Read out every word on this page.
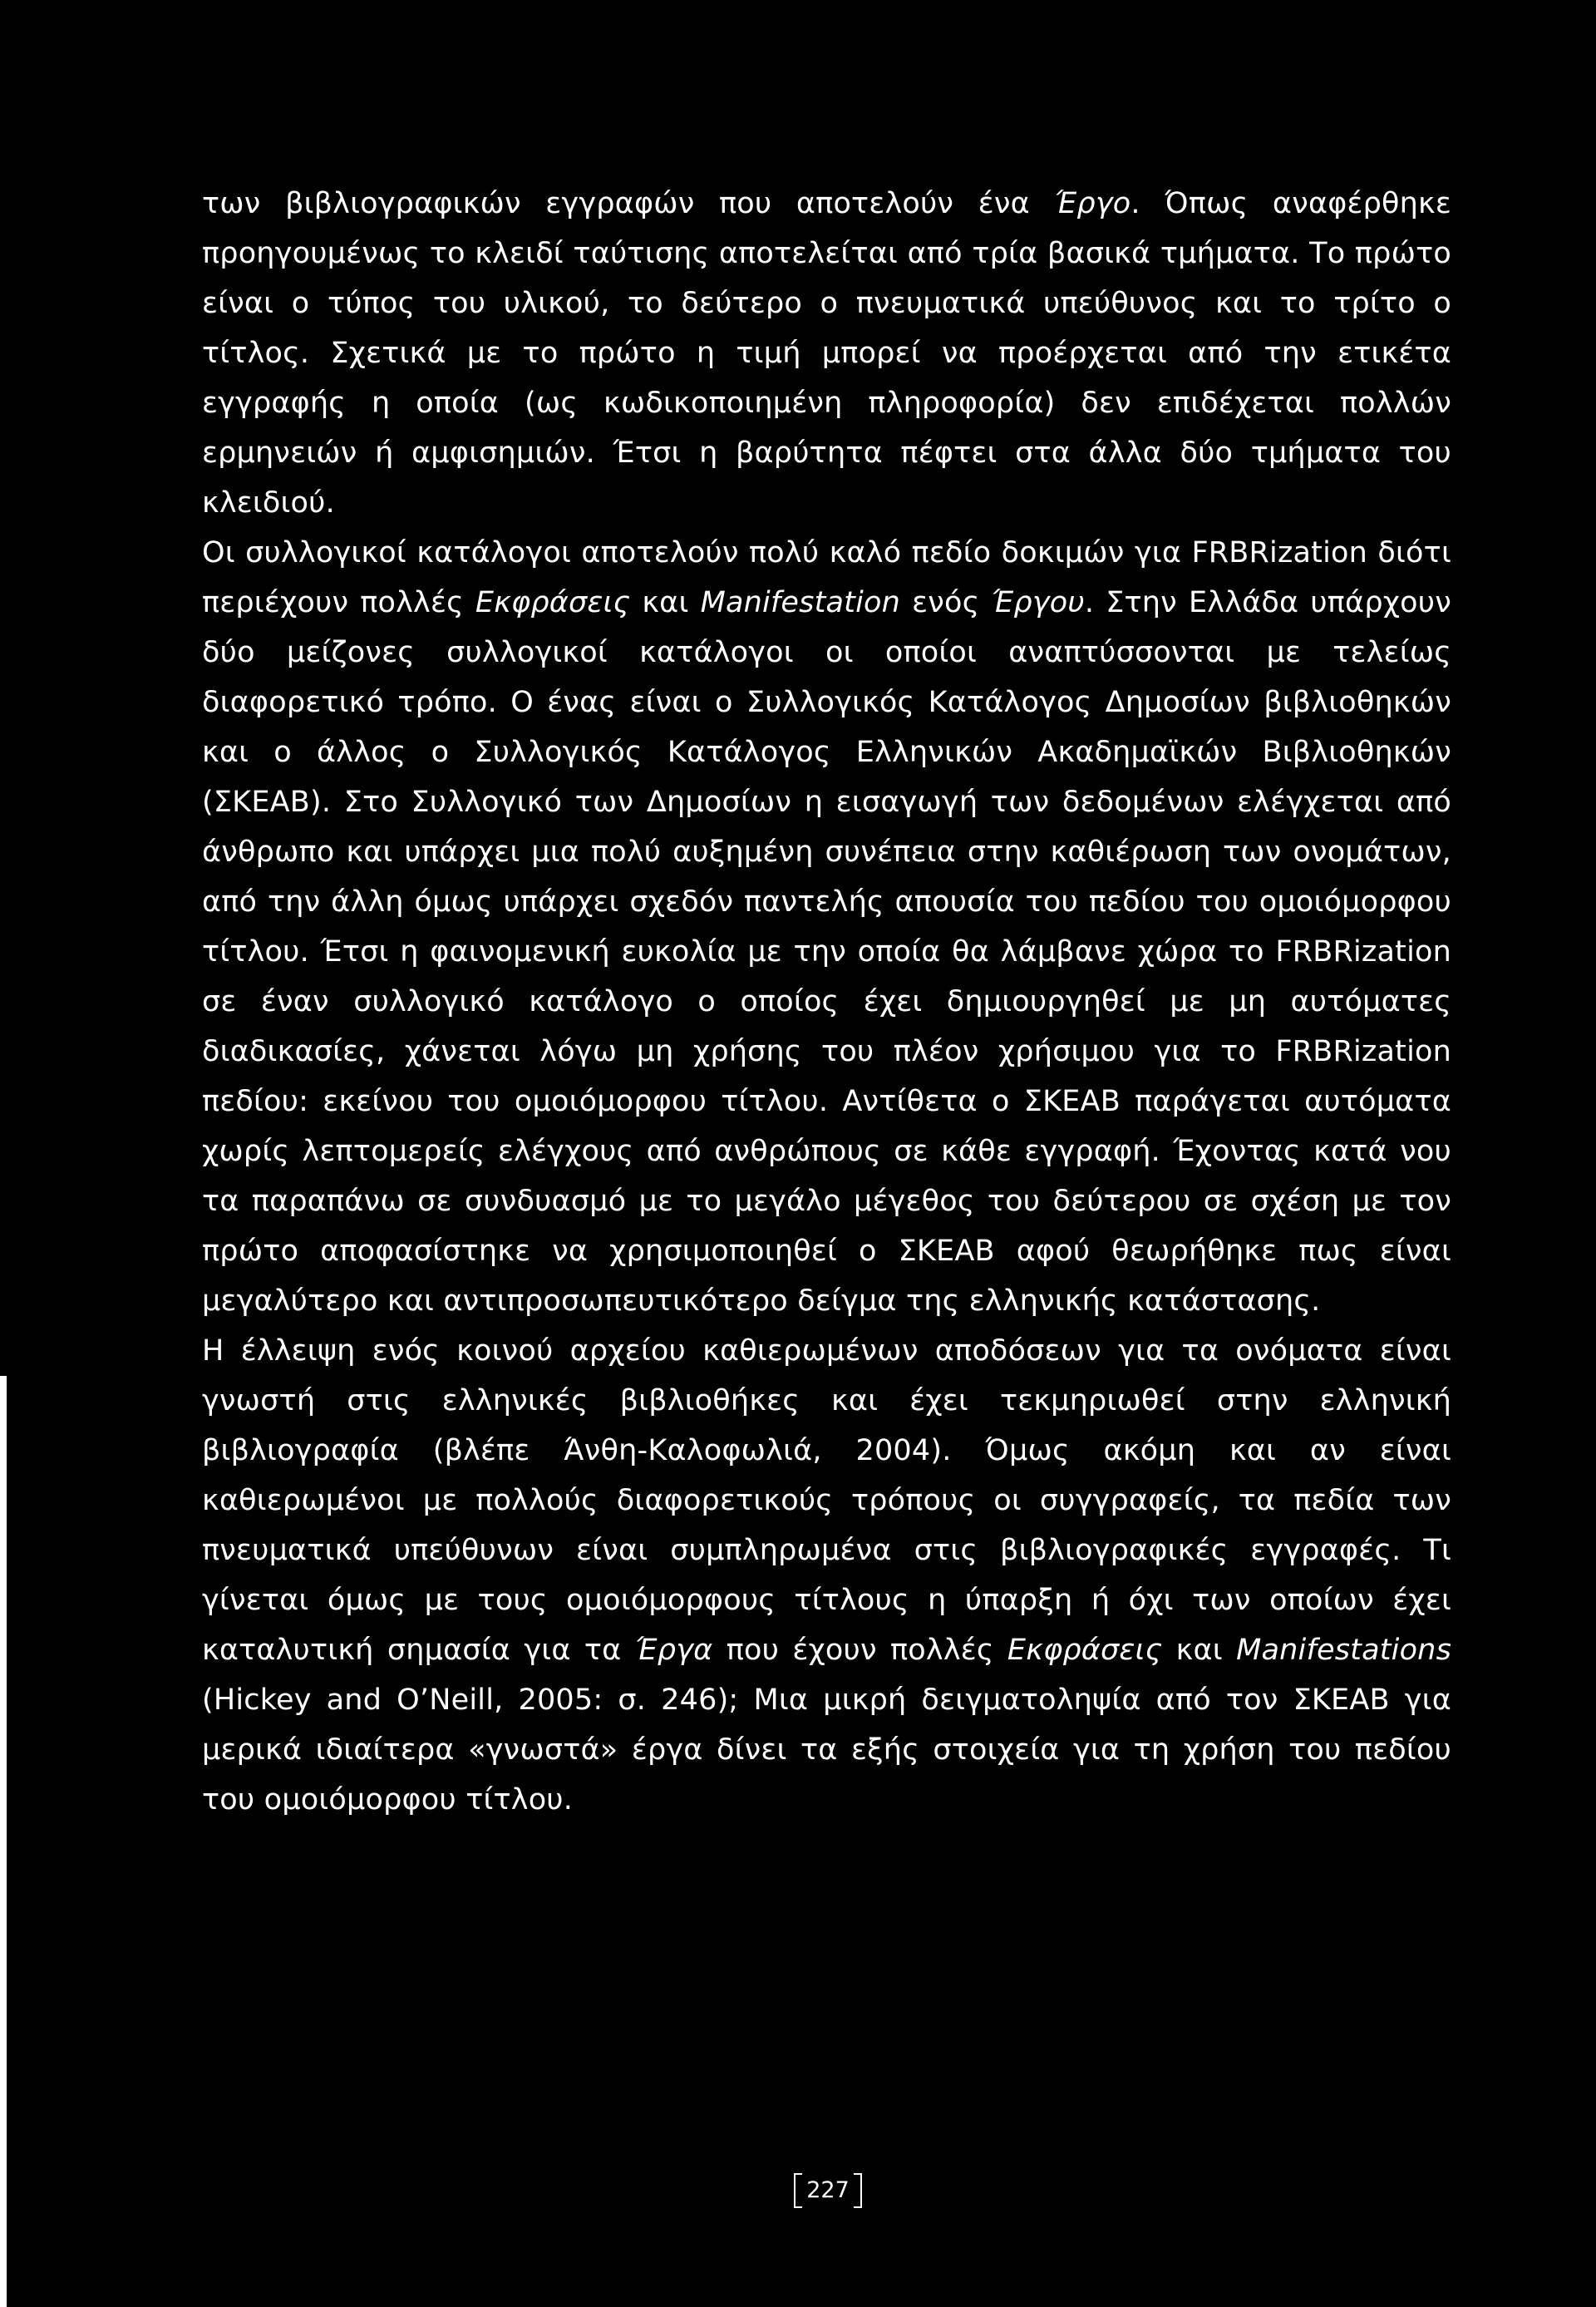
των βιβλιογραφικών εγγραφών που αποτελούν ένα Έργο. Όπως αναφέρθηκε προηγουμένως το κλειδί ταύτισης αποτελείται από τρία βασικά τμήματα. Το πρώτο είναι ο τύπος του υλικού, το δεύτερο ο πνευματικά υπεύθυνος και το τρίτο ο τίτλος. Σχετικά με το πρώτο η τιμή μπορεί να προέρχεται από την ετικέτα εγγραφής η οποία (ως κωδικοποιημένη πληροφορία) δεν επιδέχεται πολλών ερμηνειών ή αμφισημιών. Έτσι η βαρύτητα πέφτει στα άλλα δύο τμήματα του κλειδιού.

Οι συλλογικοί κατάλογοι αποτελούν πολύ καλό πεδίο δοκιμών για FRBRization διότι περιέχουν πολλές Εκφράσεις και Manifestation ενός Έργου. Στην Ελλάδα υπάρχουν δύο μείζονες συλλογικοί κατάλογοι οι οποίοι αναπτύσσονται με τελείως διαφορετικό τρόπο. Ο ένας είναι ο Συλλογικός Κατάλογος Δημοσίων βιβλιοθηκών και ο άλλος ο Συλλογικός Κατάλογος Ελληνικών Ακαδημαϊκών Βιβλιοθηκών (ΣΚΕΑΒ). Στο Συλλογικό των Δημοσίων η εισαγωγή των δεδομένων ελέγχεται από άνθρωπο και υπάρχει μια πολύ αυξημένη συνέπεια στην καθιέρωση των ονομάτων, από την άλλη όμως υπάρχει σχεδόν παντελής απουσία του πεδίου του ομοιόμορφου τίτλου. Έτσι η φαινομενική ευκολία με την οποία θα λάμβανε χώρα το FRBRization σε έναν συλλογικό κατάλογο ο οποίος έχει δημιουργηθεί με μη αυτόματες διαδικασίες, χάνεται λόγω μη χρήσης του πλέον χρήσιμου για το FRBRization πεδίου: εκείνου του ομοιόμορφου τίτλου. Αντίθετα ο ΣΚΕΑΒ παράγεται αυτόματα χωρίς λεπτομερείς ελέγχους από ανθρώπους σε κάθε εγγραφή. Έχοντας κατά νου τα παραπάνω σε συνδυασμό με το μεγάλο μέγεθος του δεύτερου σε σχέση με τον πρώτο αποφασίστηκε να χρησιμοποιηθεί ο ΣΚΕΑΒ αφού θεωρήθηκε πως είναι μεγαλύτερο και αντιπροσωπευτικότερο δείγμα της ελληνικής κατάστασης.

Η έλλειψη ενός κοινού αρχείου καθιερωμένων αποδόσεων για τα ονόματα είναι γνωστή στις ελληνικές βιβλιοθήκες και έχει τεκμηριωθεί στην ελληνική βιβλιογραφία (βλέπε Άνθη-Καλοφωλιά, 2004). Όμως ακόμη και αν είναι καθιερωμένοι με πολλούς διαφορετικούς τρόπους οι συγγραφείς, τα πεδία των πνευματικά υπεύθυνων είναι συμπληρωμένα στις βιβλιογραφικές εγγραφές. Τι γίνεται όμως με τους ομοιόμορφους τίτλους η ύπαρξη ή όχι των οποίων έχει καταλυτική σημασία για τα Έργα που έχουν πολλές Εκφράσεις και Manifestations (Hickey and O’Neill, 2005: σ. 246); Μια μικρή δειγματοληψία από τον ΣΚΕΑΒ για μερικά ιδιαίτερα «γνωστά» έργα δίνει τα εξής στοιχεία για τη χρήση του πεδίου του ομοιόμορφου τίτλου.

227
